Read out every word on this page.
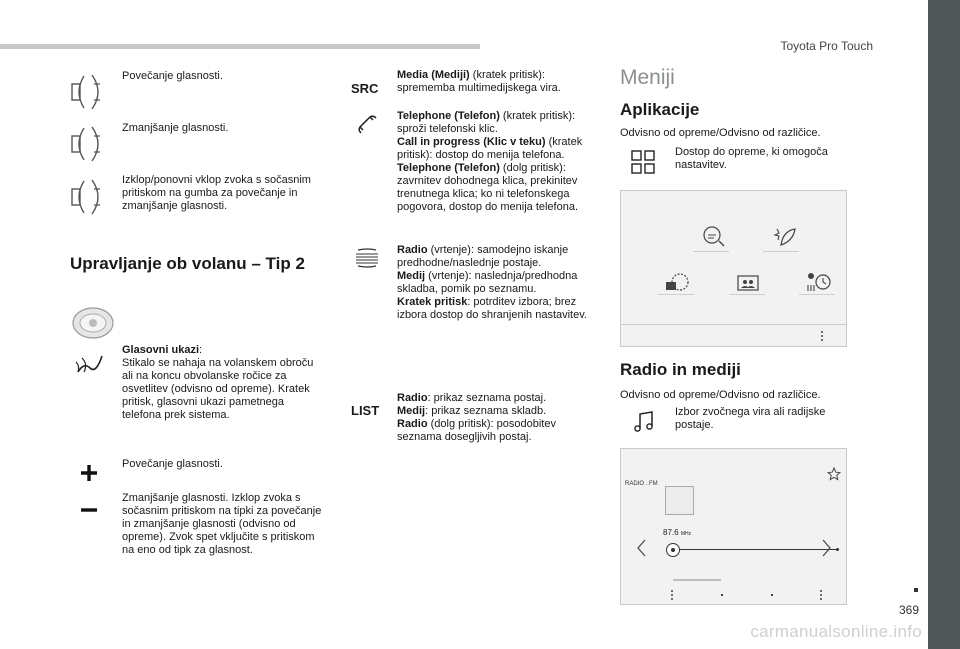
Toyota Pro Touch
369
carmanualsonline.info
Povečanje glasnosti.
Zmanjšanje glasnosti.
Izklop/ponovni vklop zvoka s sočasnim pritiskom na gumba za povečanje in zmanjšanje glasnosti.
Upravljanje ob volanu – Tip 2
Glasovni ukazi:
Stikalo se nahaja na volanskem obroču ali na koncu obvolanske ročice za osvetlitev (odvisno od opreme). Kratek pritisk, glasovni ukazi pametnega telefona prek sistema.
Povečanje glasnosti.
Zmanjšanje glasnosti. Izklop zvoka s sočasnim pritiskom na tipki za povečanje in zmanjšanje glasnosti (odvisno od opreme). Zvok spet vključite s pritiskom na eno od tipk za glasnost.
SRC
Media (Mediji) (kratek pritisk): sprememba multimedijskega vira.
Telephone (Telefon) (kratek pritisk): sproži telefonski klic.
Call in progress (Klic v teku) (kratek pritisk): dostop do menija telefona.
Telephone (Telefon) (dolg pritisk): zavrnitev dohodnega klica, prekinitev trenutnega klica; ko ni telefonskega pogovora, dostop do menija telefona.
Radio (vrtenje): samodejno iskanje predhodne/naslednje postaje.
Medij (vrtenje): naslednja/predhodna skladba, pomik po seznamu.
Kratek pritisk: potrditev izbora; brez izbora dostop do shranjenih nastavitev.
LIST
Radio: prikaz seznama postaj.
Medij: prikaz seznama skladb.
Radio (dolg pritisk): posodobitev seznama dosegljivih postaj.
Meniji
Aplikacije
Odvisno od opreme/Odvisno od različice.
Dostop do opreme, ki omogoča nastavitev.
Radio in mediji
Odvisno od opreme/Odvisno od različice.
Izbor zvočnega vira ali radijske postaje.
RADIO . FM
87.6 MHz
